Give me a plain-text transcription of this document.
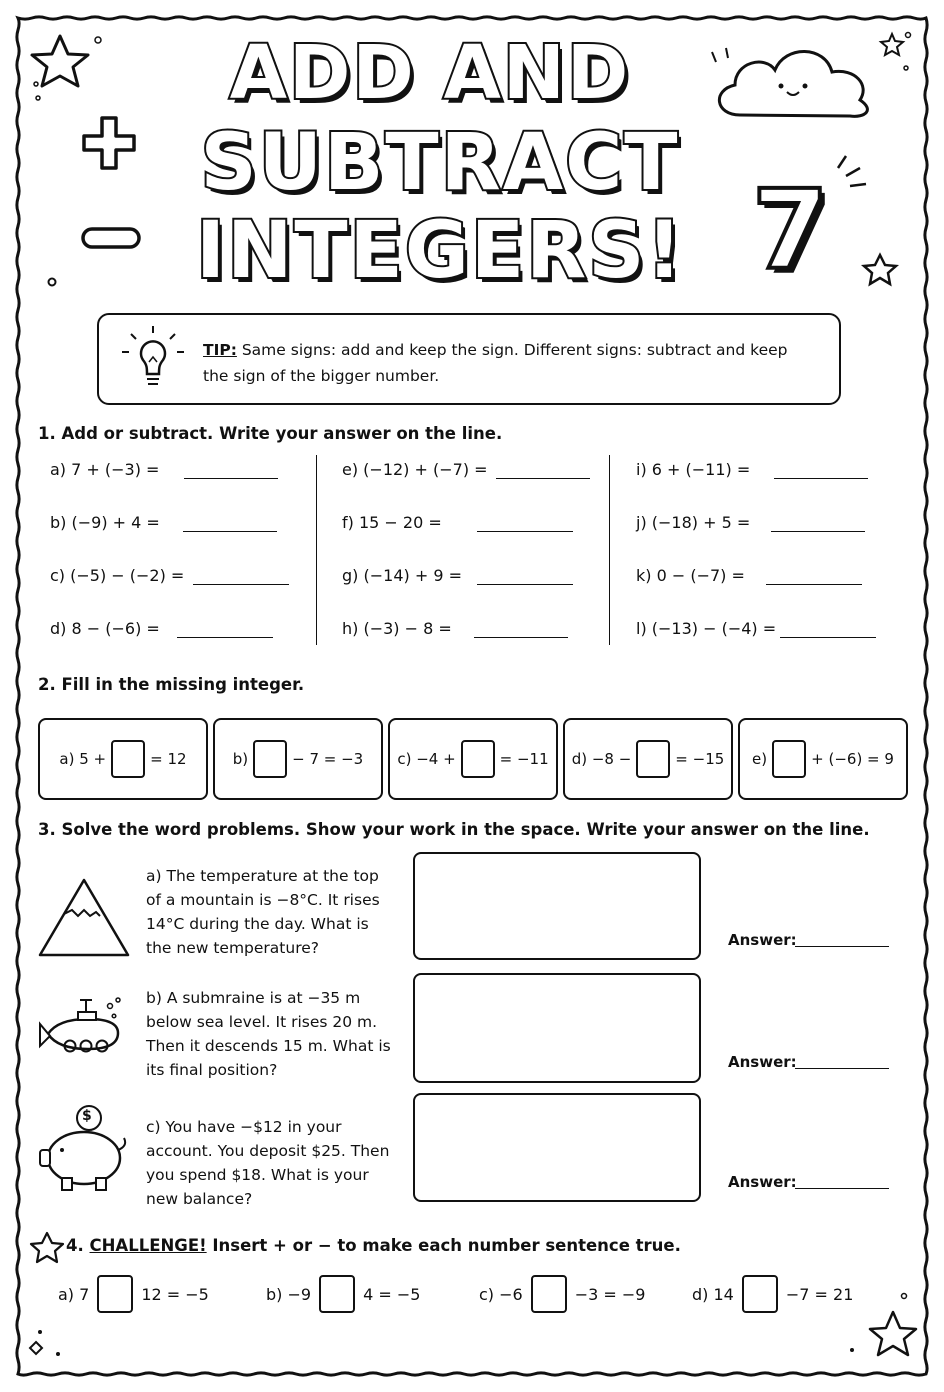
$
ADD AND
SUBTRACT
INTEGERS! 7
TIP: Same signs: add and keep the sign. Different signs: subtract and keep the sign of the bigger number.
1. Add or subtract. Write your answer on the line.
a) 7 + (−3) =
b) (−9) + 4 =
c) (−5) − (−2) =
d) 8 − (−6) =
e) (−12) + (−7) =
f) 15 − 20 =
g) (−14) + 9 =
h) (−3) − 8 =
i) 6 + (−11) =
j) (−18) + 5 =
k) 0 − (−7) =
l) (−13) − (−4) =
2. Fill in the missing integer.
a) 5 +	= 12	b)	− 7 = −3 c) −4 +	= −11 d) −8 −	= −15 e)	+ (−6) = 9
3. Solve the word problems. Show your work in the space. Write your answer on the line.
a) The temperature at the top of a mountain is −8°C. It rises 14°C during the day. What is the new temperature?	Answer:
b) A submraine is at −35 m below sea level. It rises 20 m. Then it descends 15 m. What is its final position?	Answer:
c) You have −$12 in your account. You deposit $25. Then you spend $18. What is your new balance?
Answer:
4. CHALLENGE! Insert + or − to make each number sentence true.
a) 7	12 = −5	b) −9	4 = −5	c) −6	−3 = −9	d) 14	−7 = 21
